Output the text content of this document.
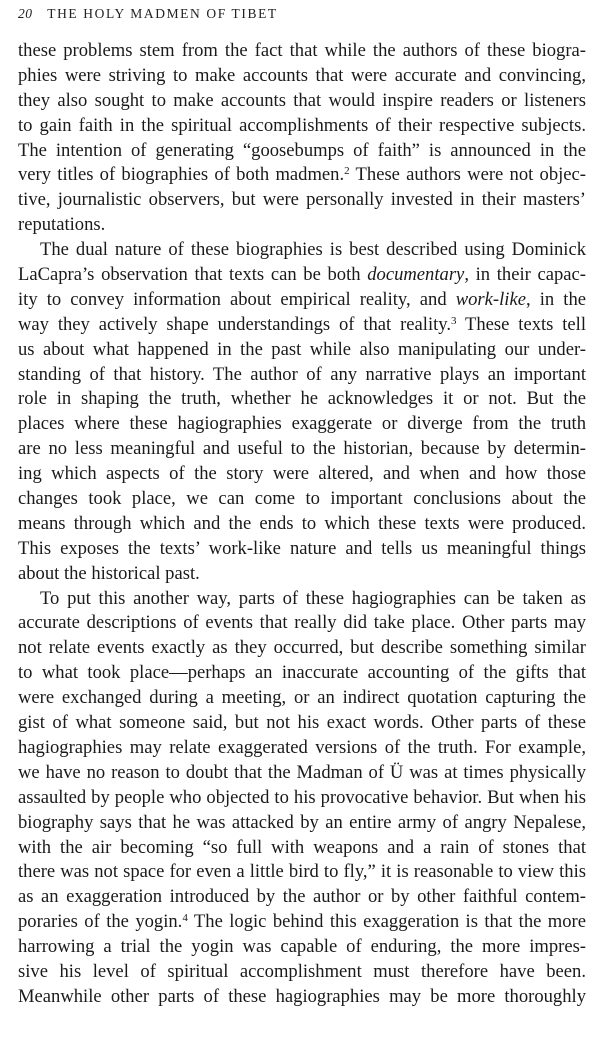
20 THE HOLY MADMEN OF TIBET
these problems stem from the fact that while the authors of these biogra-
phies were striving to make accounts that were accurate and convincing,
they also sought to make accounts that would inspire readers or listeners
to gain faith in the spiritual accomplishments of their respective subjects.
The intention of generating “goosebumps of faith” is announced in the
very titles of biographies of both madmen.$^2$ These authors were not objec-
tive, journalistic observers, but were personally invested in their masters’
reputations.
The dual nature of these biographies is best described using Dominick
LaCapra’s observation that texts can be both documentary, in their capac-
ity to convey information about empirical reality, and work-like, in the
way they actively shape understandings of that reality.$^3$ These texts tell
us about what happened in the past while also manipulating our under-
standing of that history. The author of any narrative plays an important
role in shaping the truth, whether he acknowledges it or not. But the
places where these hagiographies exaggerate or diverge from the truth
are no less meaningful and useful to the historian, because by determin-
ing which aspects of the story were altered, and when and how those
changes took place, we can come to important conclusions about the
means through which and the ends to which these texts were produced.
This exposes the texts’ work-like nature and tells us meaningful things
about the historical past.
To put this another way, parts of these hagiographies can be taken as
accurate descriptions of events that really did take place. Other parts may
not relate events exactly as they occurred, but describe something similar
to what took place—perhaps an inaccurate accounting of the gifts that
were exchanged during a meeting, or an indirect quotation capturing the
gist of what someone said, but not his exact words. Other parts of these
hagiographies may relate exaggerated versions of the truth. For example,
we have no reason to doubt that the Madman of Ü was at times physically
assaulted by people who objected to his provocative behavior. But when his
biography says that he was attacked by an entire army of angry Nepalese,
with the air becoming “so full with weapons and a rain of stones that
there was not space for even a little bird to fly,” it is reasonable to view this
as an exaggeration introduced by the author or by other faithful contem-
poraries of the yogin.$^4$ The logic behind this exaggeration is that the more
harrowing a trial the yogin was capable of enduring, the more impres-
sive his level of spiritual accomplishment must therefore have been.
Meanwhile other parts of these hagiographies may be more thoroughly
